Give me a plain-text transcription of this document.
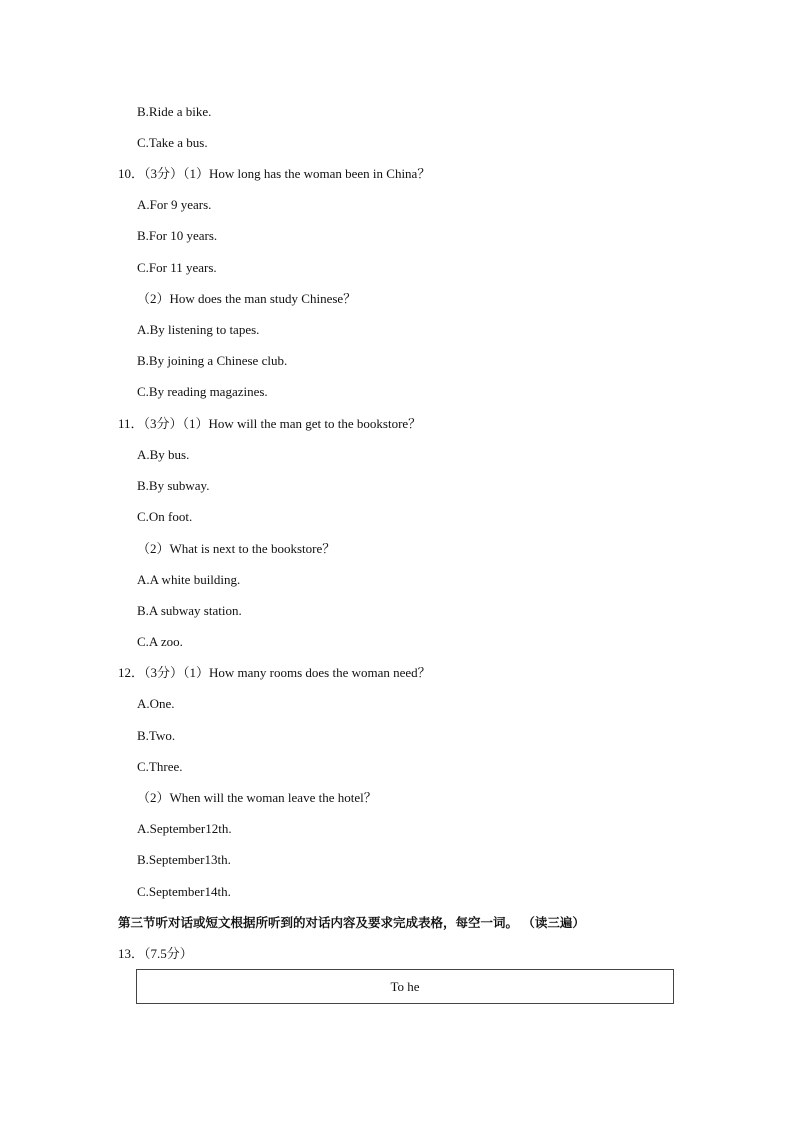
B.Ride a bike.
C.Take a bus.
10．（3分）（1）How long has the woman been in China？
A.For 9 years.
B.For 10 years.
C.For 11 years.
（2）How does the man study Chinese？
A.By listening to tapes.
B.By joining a Chinese club.
C.By reading magazines.
11．（3分）（1）How will the man get to the bookstore？
A.By bus.
B.By subway.
C.On foot.
（2）What is next to the bookstore？
A.A white building.
B.A subway station.
C.A zoo.
12．（3分）（1）How many rooms does the woman need？
A.One.
B.Two.
C.Three.
（2）When will the woman leave the hotel？
A.September12th.
B.September13th.
C.September14th.
第三节听对话或短文根据所听到的对话内容及要求完成表格，每空一词。 （读三遍）
13．（7.5分）
To he
